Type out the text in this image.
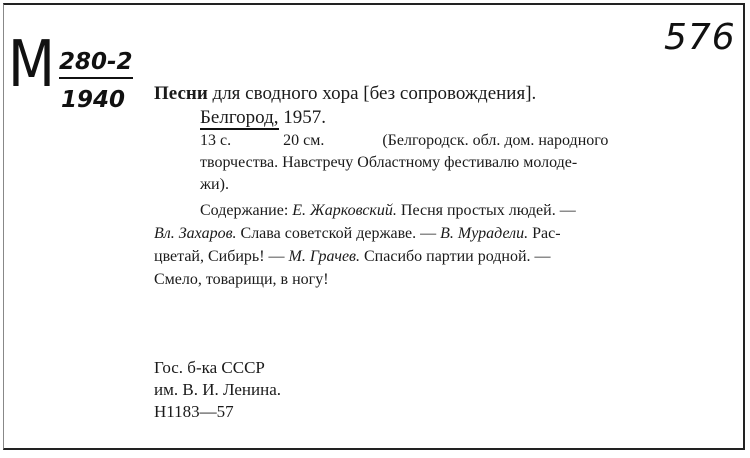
М 280-2
1940
576
Песни для сводного хора [без сопровождения].
Белгород, 1957.
13 с.	20 см.	(Белгородск. обл. дом. народного
творчества. Навстречу Областному фестивалю молоде-
жи).
Содержание: Е. Жарковский. Песня простых людей. —
Вл. Захаров. Слава советской державе. — В. Мурадели. Рас-
цветай, Сибирь! — М. Грачев. Спасибо партии родной. —
Смело, товарищи, в ногу!
Гос. б-ка СССР
им. В. И. Ленина.
Н1183—57
